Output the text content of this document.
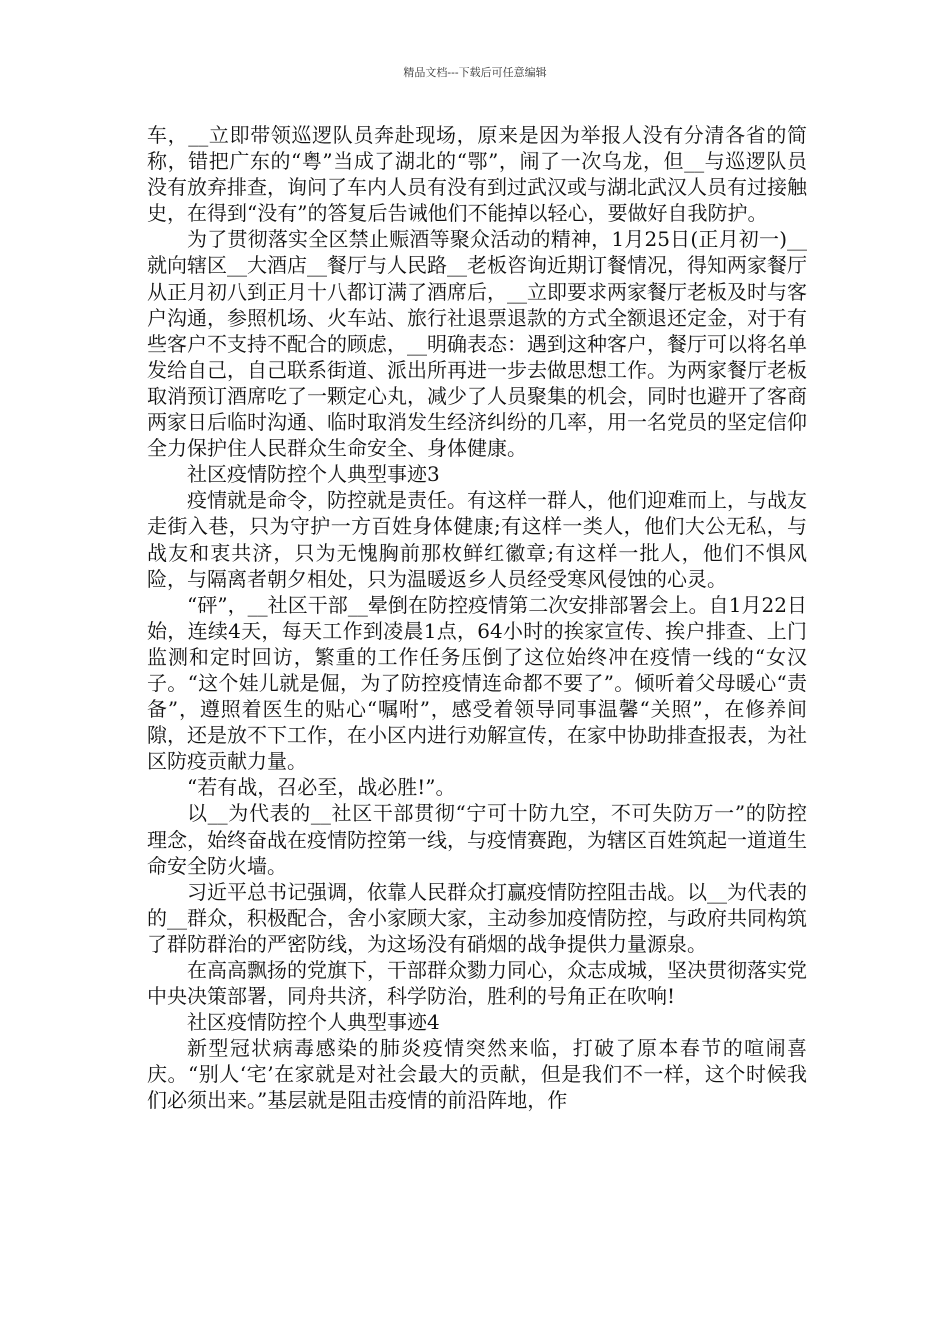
精品文档---下载后可任意编辑

车，__立即带领巡逻队员奔赴现场，原来是因为举报人没有分清各省的简称，错把广东的“粤”当成了湖北的“鄂”，闹了一次乌龙，但__与巡逻队员没有放弃排查，询问了车内人员有没有到过武汉或与湖北武汉人员有过接触史，在得到“没有”的答复后告诫他们不能掉以轻心，要做好自我防护。

为了贯彻落实全区禁止赈酒等聚众活动的精神，1月25日(正月初一)__就向辖区__大酒店__餐厅与人民路__老板咨询近期订餐情况，得知两家餐厅从正月初八到正月十八都订满了酒席后，__立即要求两家餐厅老板及时与客户沟通，参照机场、火车站、旅行社退票退款的方式全额退还定金，对于有些客户不支持不配合的顾虑，__明确表态：遇到这种客户，餐厅可以将名单发给自己，自己联系街道、派出所再进一步去做思想工作。为两家餐厅老板取消预订酒席吃了一颗定心丸，减少了人员聚集的机会，同时也避开了客商两家日后临时沟通、临时取消发生经济纠纷的几率，用一名党员的坚定信仰全力保护住人民群众生命安全、身体健康。

社区疫情防控个人典型事迹3

疫情就是命令，防控就是责任。有这样一群人，他们迎难而上，与战友走街入巷，只为守护一方百姓身体健康;有这样一类人，他们大公无私，与战友和衷共济，只为无愧胸前那枚鲜红徽章;有这样一批人，他们不惧风险，与隔离者朝夕相处，只为温暖返乡人员经受寒风侵蚀的心灵。

“砰”，__社区干部__晕倒在防控疫情第二次安排部署会上。自1月22日始，连续4天，每天工作到凌晨1点，64小时的挨家宣传、挨户排查、上门监测和定时回访，繁重的工作任务压倒了这位始终冲在疫情一线的“女汉子。“这个娃儿就是倔，为了防控疫情连命都不要了”。倾听着父母暖心“责备”，遵照着医生的贴心“嘱咐”，感受着领导同事温馨“关照”，在修养间隙，还是放不下工作，在小区内进行劝解宣传，在家中协助排查报表，为社区防疫贡献力量。

“若有战，召必至，战必胜!”。

以__为代表的__社区干部贯彻“宁可十防九空，不可失防万一”的防控理念，始终奋战在疫情防控第一线，与疫情赛跑，为辖区百姓筑起一道道生命安全防火墙。

习近平总书记强调，依靠人民群众打赢疫情防控阻击战。以__为代表的的__群众，积极配合，舍小家顾大家，主动参加疫情防控，与政府共同构筑了群防群治的严密防线，为这场没有硝烟的战争提供力量源泉。

在高高飘扬的党旗下，干部群众勠力同心，众志成城，坚决贯彻落实党中央决策部署，同舟共济，科学防治，胜利的号角正在吹响!

社区疫情防控个人典型事迹4

新型冠状病毒感染的肺炎疫情突然来临，打破了原本春节的喧闹喜庆。“别人‘宅’在家就是对社会最大的贡献，但是我们不一样，这个时候我们必须出来。”基层就是阻击疫情的前沿阵地，作
